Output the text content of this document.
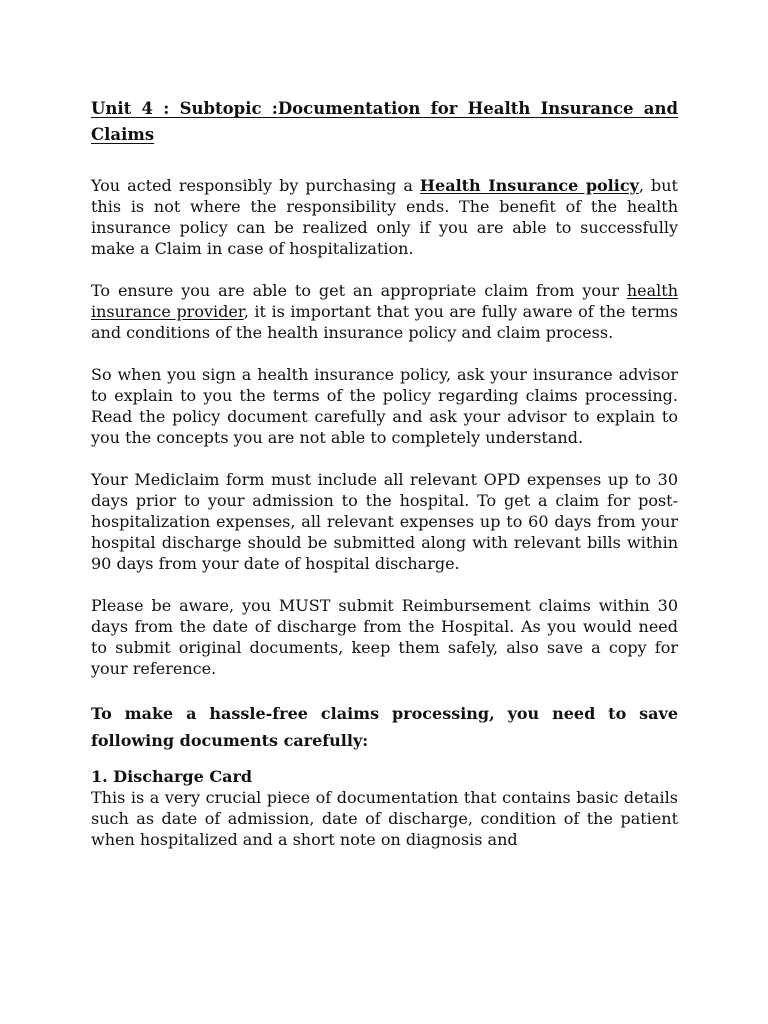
Unit 4 : Subtopic :Documentation for Health Insurance and Claims

You acted responsibly by purchasing a Health Insurance policy, but this is not where the responsibility ends. The benefit of the health insurance policy can be realized only if you are able to successfully make a Claim in case of hospitalization.

To ensure you are able to get an appropriate claim from your health insurance provider, it is important that you are fully aware of the terms and conditions of the health insurance policy and claim process.

So when you sign a health insurance policy, ask your insurance advisor to explain to you the terms of the policy regarding claims processing. Read the policy document carefully and ask your advisor to explain to you the concepts you are not able to completely understand.

Your Mediclaim form must include all relevant OPD expenses up to 30 days prior to your admission to the hospital. To get a claim for post-hospitalization expenses, all relevant expenses up to 60 days from your hospital discharge should be submitted along with relevant bills within 90 days from your date of hospital discharge.

Please be aware, you MUST submit Reimbursement claims within 30 days from the date of discharge from the Hospital. As you would need to submit original documents, keep them safely, also save a copy for your reference.

To make a hassle-free claims processing, you need to save following documents carefully:
1. Discharge Card

This is a very crucial piece of documentation that contains basic details such as date of admission, date of discharge, condition of the patient when hospitalized and a short note on diagnosis and
